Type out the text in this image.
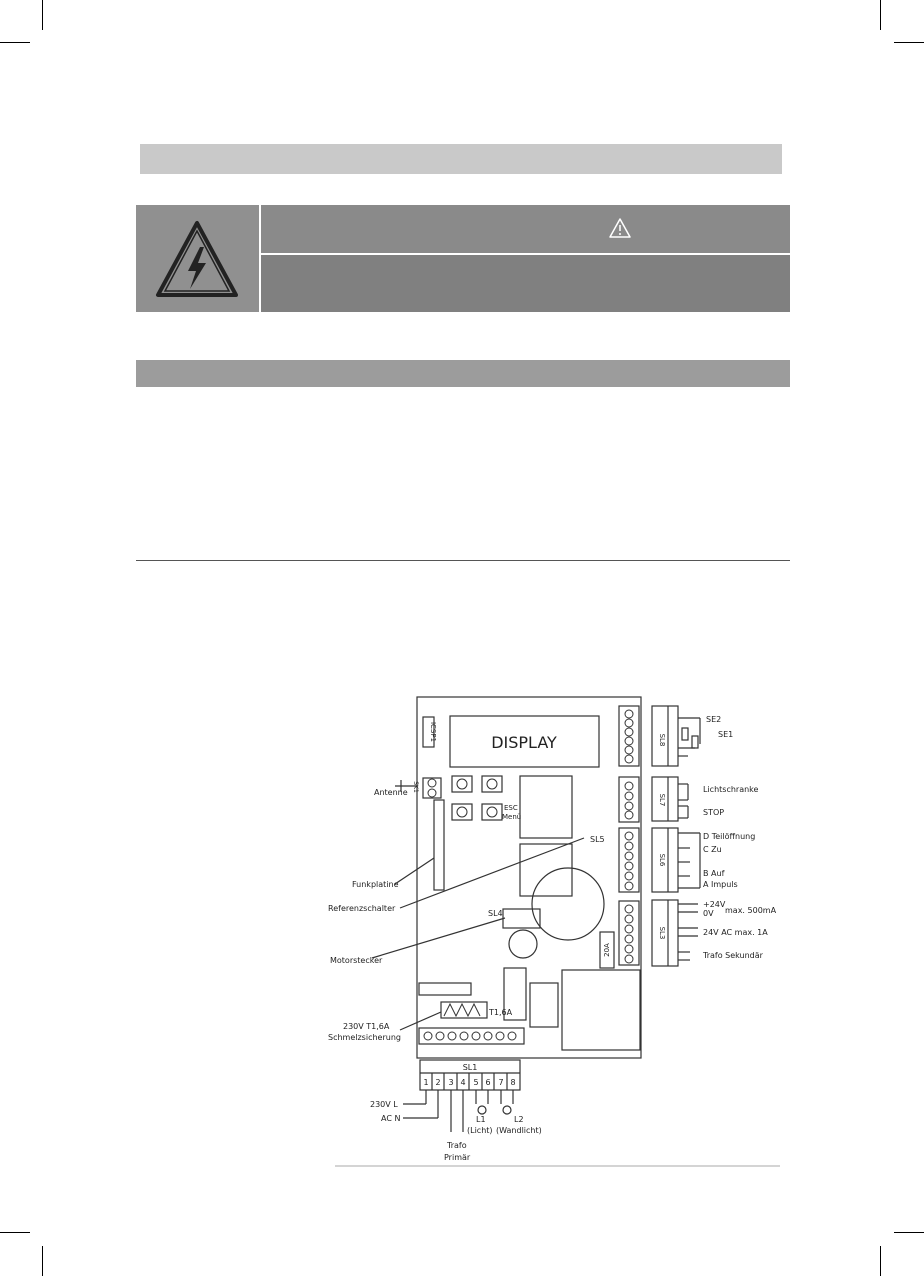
DISPLAY
ICSP1
Antenne SK1
ESC
Menü
SL5
SL4
20A
T1,6A
Funkplatine
Referenzschalter
Motorstecker
230V T1,6A
Schmelzsicherung
SL8
SL7
SL6
SL3
SE2
SE1
Lichtschranke
STOP
D Teilöffnung
C Zu
B Auf
A Impuls
+24V
max. 500mA
0V
24V AC max. 1A
Trafo Sekundär
SL1
1 2 3 4 5 6 7 8
230V L
AC N
Trafo
Primär
L1
(Licht)
L2
(Wandlicht)
